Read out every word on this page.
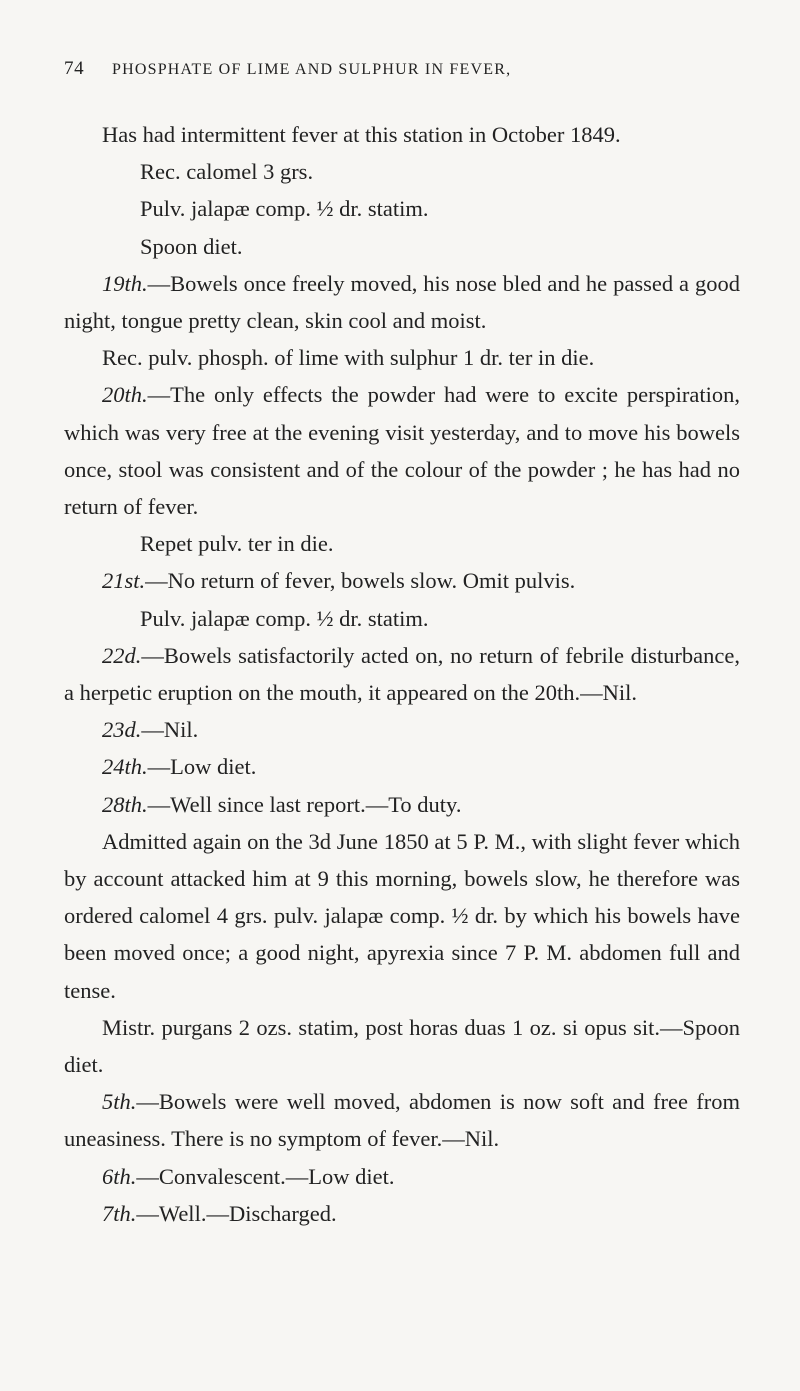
74	PHOSPHATE OF LIME AND SULPHUR IN FEVER,

Has had intermittent fever at this station in October 1849.

Rec. calomel 3 grs.

Pulv. jalapæ comp. ½ dr. statim.

Spoon diet.

19th.—Bowels once freely moved, his nose bled and he passed a good night, tongue pretty clean, skin cool and moist.

Rec. pulv. phosph. of lime with sulphur 1 dr. ter in die.

20th.—The only effects the powder had were to excite perspiration, which was very free at the evening visit yesterday, and to move his bowels once, stool was consistent and of the colour of the powder ; he has had no return of fever.

Repet pulv. ter in die.

21st.—No return of fever, bowels slow. Omit pulvis.

Pulv. jalapæ comp. ½ dr. statim.

22d.—Bowels satisfactorily acted on, no return of febrile disturbance, a herpetic eruption on the mouth, it appeared on the 20th.—Nil.

23d.—Nil.

24th.—Low diet.

28th.—Well since last report.—To duty.

Admitted again on the 3d June 1850 at 5 P. M., with slight fever which by account attacked him at 9 this morning, bowels slow, he therefore was ordered calomel 4 grs. pulv. jalapæ comp. ½ dr. by which his bowels have been moved once; a good night, apyrexia since 7 P. M. abdomen full and tense.

Mistr. purgans 2 ozs. statim, post horas duas 1 oz. si opus sit.—Spoon diet.

5th.—Bowels were well moved, abdomen is now soft and free from uneasiness. There is no symptom of fever.—Nil.

6th.—Convalescent.—Low diet.

7th.—Well.—Discharged.
